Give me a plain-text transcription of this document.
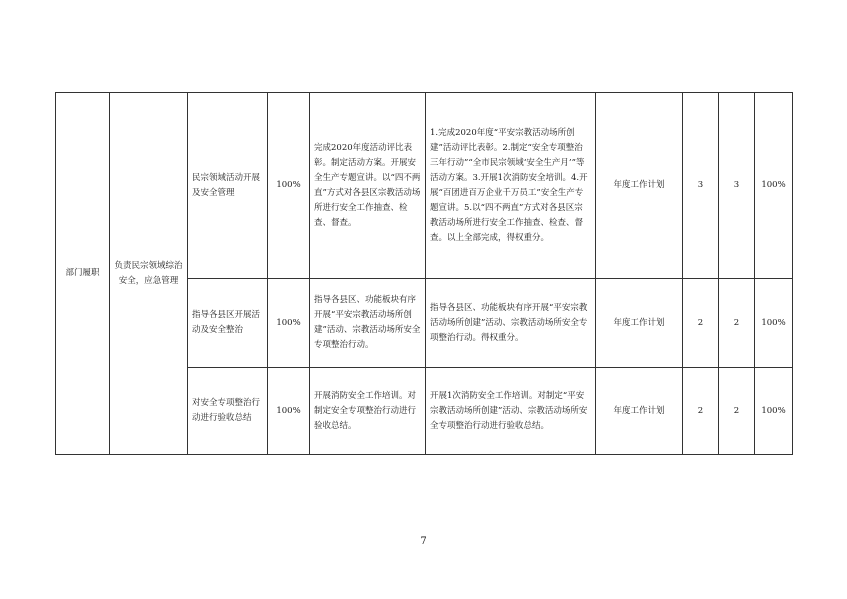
部门履职	负责民宗领域综治安全，应急管理	民宗领域活动开展及安全管理	100%	完成2020年度活动评比表彰。制定活动方案。开展安全生产专题宣讲。以“四不两直”方式对各县区宗教活动场所进行安全工作抽查、检查、督查。	1.完成2020年度“平安宗教活动场所创建”活动评比表彰。2.制定“安全专项整治三年行动”“全市民宗领域‘安全生产月’”等活动方案。3.开展1次消防安全培训。4.开展“百团进百万企业千万员工”安全生产专题宣讲。5.以“四不两直”方式对各县区宗教活动场所进行安全工作抽查、检查、督查。以上全部完成，得权重分。	年度工作计划	3	3	100%
		指导各县区开展活动及安全整治	100%	指导各县区、功能板块有序开展“平安宗教活动场所创建”活动、宗教活动场所安全专项整治行动。	指导各县区、功能板块有序开展“平安宗教活动场所创建”活动、宗教活动场所安全专项整治行动。得权重分。	年度工作计划	2	2	100%
		对安全专项整治行动进行验收总结	100%	开展消防安全工作培训。对制定安全专项整治行动进行验收总结。	开展1次消防安全工作培训。对制定“平安宗教活动场所创建”活动、宗教活动场所安全专项整治行动进行验收总结。	年度工作计划	2	2	100%
7
